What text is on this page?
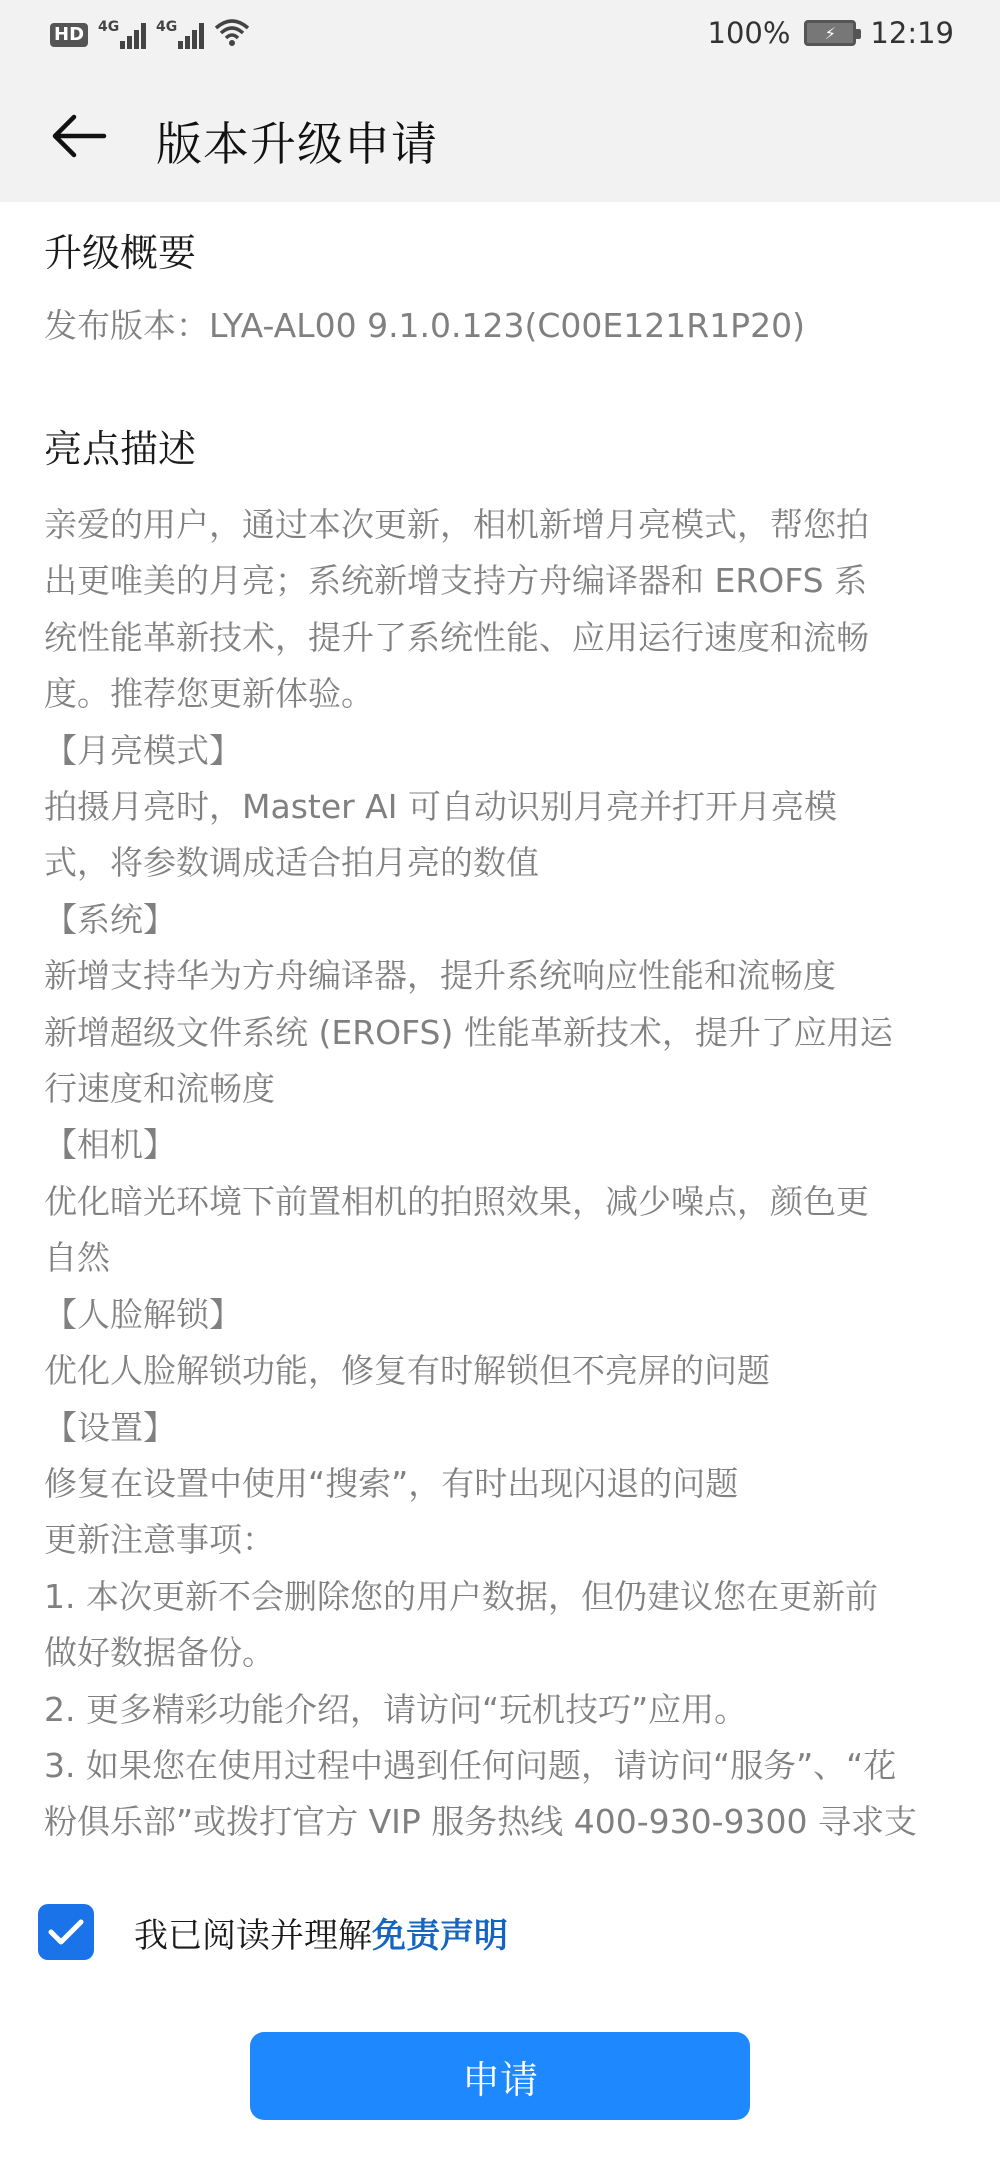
HD 4G	4G	100%	⚡	12:19
版本升级申请
升级概要
发布版本：LYA-AL00 9.1.0.123(C00E121R1P20)
亮点描述

亲爱的用户，通过本次更新，相机新增月亮模式，帮您拍

出更唯美的月亮；系统新增支持方舟编译器和 EROFS 系

统性能革新技术，提升了系统性能、应用运行速度和流畅

度。推荐您更新体验。

【月亮模式】

拍摄月亮时，Master AI 可自动识别月亮并打开月亮模

式，将参数调成适合拍月亮的数值

【系统】

新增支持华为方舟编译器，提升系统响应性能和流畅度

新增超级文件系统 (EROFS) 性能革新技术，提升了应用运

行速度和流畅度

【相机】

优化暗光环境下前置相机的拍照效果，减少噪点，颜色更

自然

【人脸解锁】

优化人脸解锁功能，修复有时解锁但不亮屏的问题

【设置】

修复在设置中使用“搜索”，有时出现闪退的问题

更新注意事项：

1. 本次更新不会删除您的用户数据，但仍建议您在更新前

做好数据备份。

2. 更多精彩功能介绍，请访问“玩机技巧”应用。

3. 如果您在使用过程中遇到任何问题，请访问“服务”、“花

粉俱乐部”或拨打官方 VIP 服务热线 400-930-9300 寻求支

我已阅读并理解 免责声明
申请
